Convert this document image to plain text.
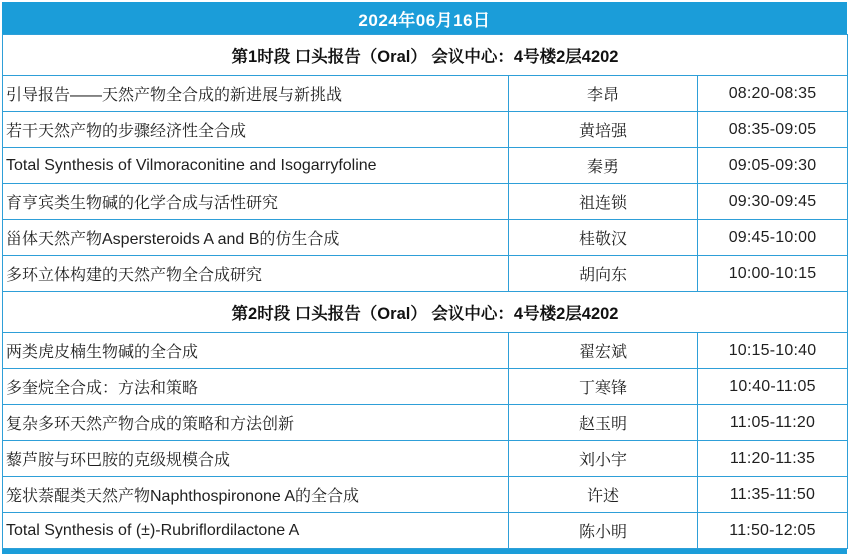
2024年06月16日
第1时段 口头报告（Oral） 会议中心：4号楼2层4202		
引导报告——天然产物全合成的新进展与新挑战	李昂	08:20-08:35
若干天然产物的步骤经济性全合成	黄培强	08:35-09:05
Total Synthesis of Vilmoraconitine and Isogarryfoline	秦勇	09:05-09:30
育亨宾类生物碱的化学合成与活性研究	祖连锁	09:30-09:45
甾体天然产物Aspersteroids A and B的仿生合成	桂敬汉	09:45-10:00
多环立体构建的天然产物全合成研究	胡向东	10:00-10:15
第2时段 口头报告（Oral） 会议中心：4号楼2层4202		
两类虎皮楠生物碱的全合成	翟宏斌	10:15-10:40
多奎烷全合成：方法和策略	丁寒锋	10:40-11:05
复杂多环天然产物合成的策略和方法创新	赵玉明	11:05-11:20
藜芦胺与环巴胺的克级规模合成	刘小宇	11:20-11:35
笼状萘醌类天然产物Naphthospironone A的全合成	许述	11:35-11:50
Total Synthesis of (±)-Rubriflordilactone A	陈小明	11:50-12:05
